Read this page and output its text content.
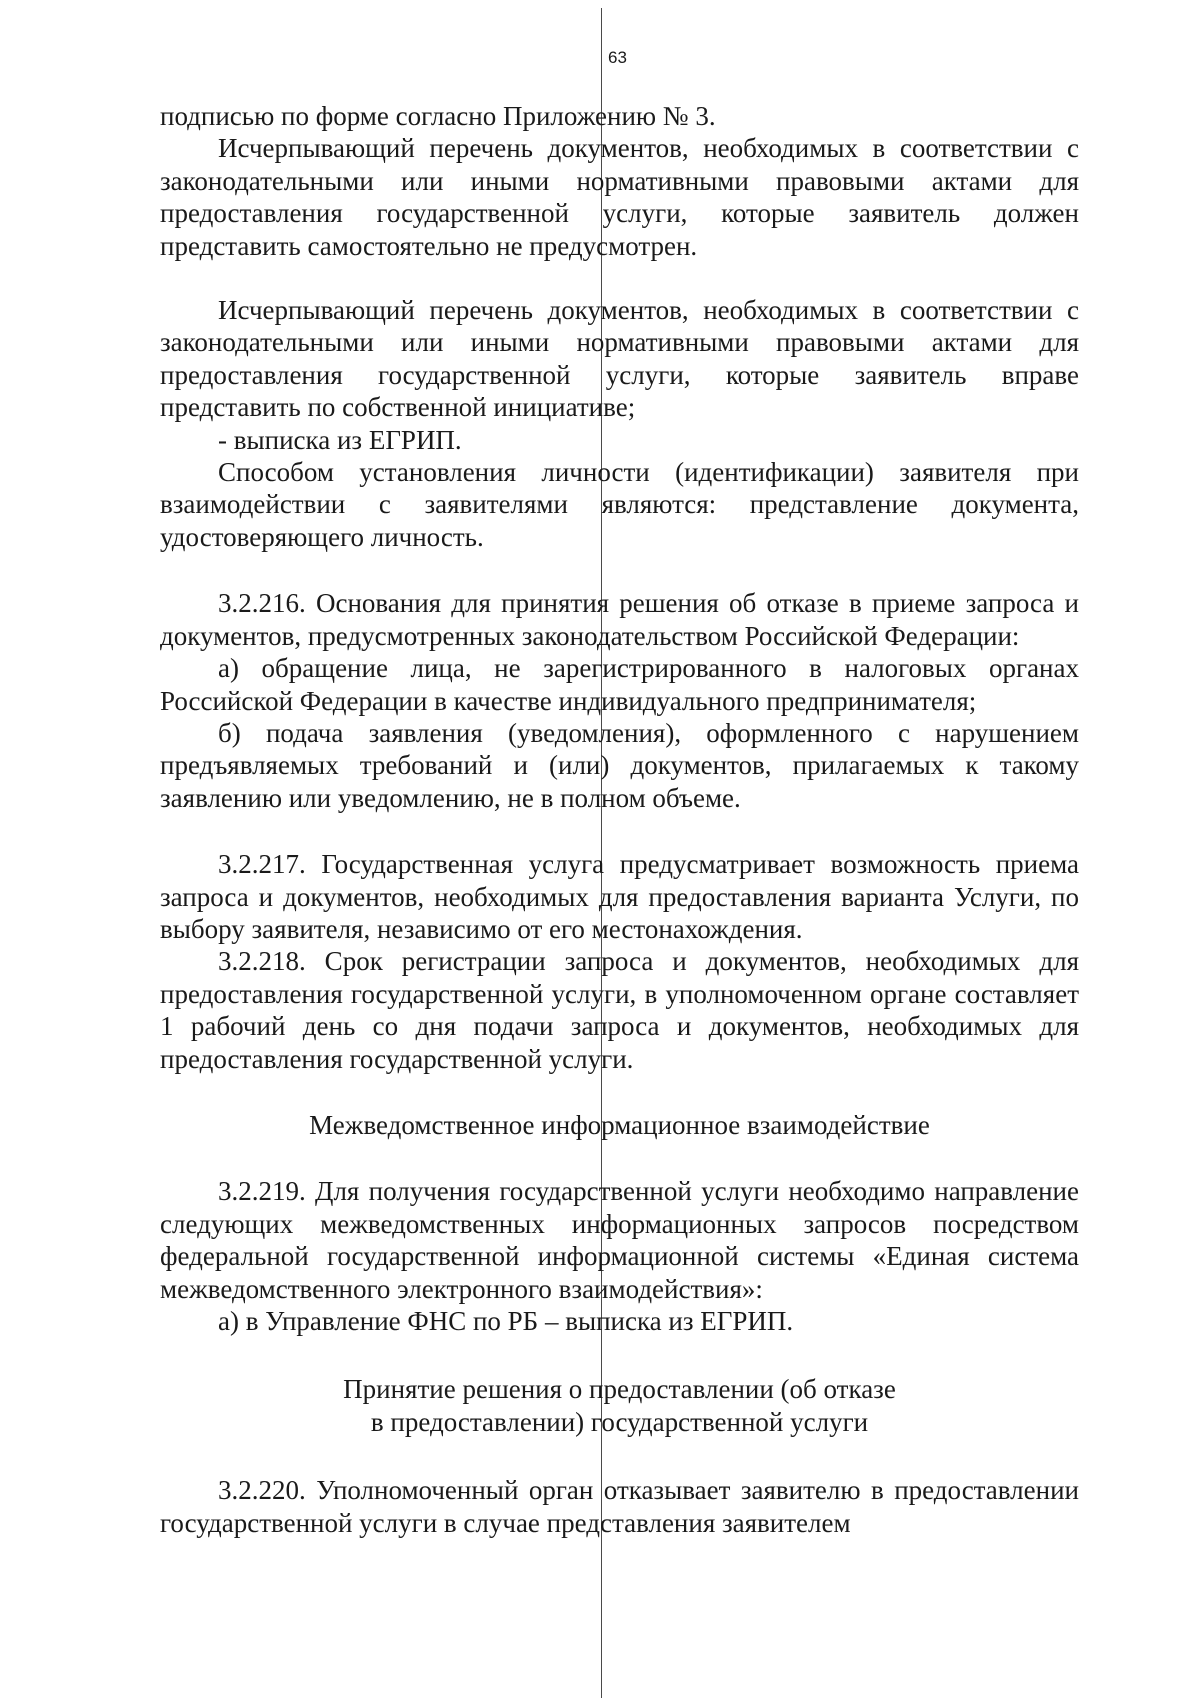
63

подписью по форме согласно Приложению № 3.

Исчерпывающий перечень документов, необходимых в соответствии с законодательными или иными нормативными правовыми актами для предоставления государственной услуги, которые заявитель должен представить самостоятельно не предусмотрен.

Исчерпывающий перечень документов, необходимых в соответствии с законодательными или иными нормативными правовыми актами для предоставления государственной услуги, которые заявитель вправе представить по собственной инициативе;

- выписка из ЕГРИП.

Способом установления личности (идентификации) заявителя при взаимодействии с заявителями являются: представление документа, удостоверяющего личность.

3.2.216. Основания для принятия решения об отказе в приеме запроса и документов, предусмотренных законодательством Российской Федерации:

а) обращение лица, не зарегистрированного в налоговых органах Российской Федерации в качестве индивидуального предпринимателя;

б) подача заявления (уведомления), оформленного с нарушением предъявляемых требований и (или) документов, прилагаемых к такому заявлению или уведомлению, не в полном объеме.

3.2.217. Государственная услуга предусматривает возможность приема запроса и документов, необходимых для предоставления варианта Услуги, по выбору заявителя, независимо от его местонахождения.

3.2.218. Срок регистрации запроса и документов, необходимых для предоставления государственной услуги, в уполномоченном органе составляет 1 рабочий день со дня подачи запроса и документов, необходимых для предоставления государственной услуги.

Межведомственное информационное взаимодействие

3.2.219. Для получения государственной услуги необходимо направление следующих межведомственных информационных запросов посредством федеральной государственной информационной системы «Единая система межведомственного электронного взаимодействия»:

а) в Управление ФНС по РБ – выписка из ЕГРИП.

Принятие решения о предоставлении (об отказе

в предоставлении) государственной услуги

3.2.220. Уполномоченный орган отказывает заявителю в предоставлении государственной услуги в случае представления заявителем
